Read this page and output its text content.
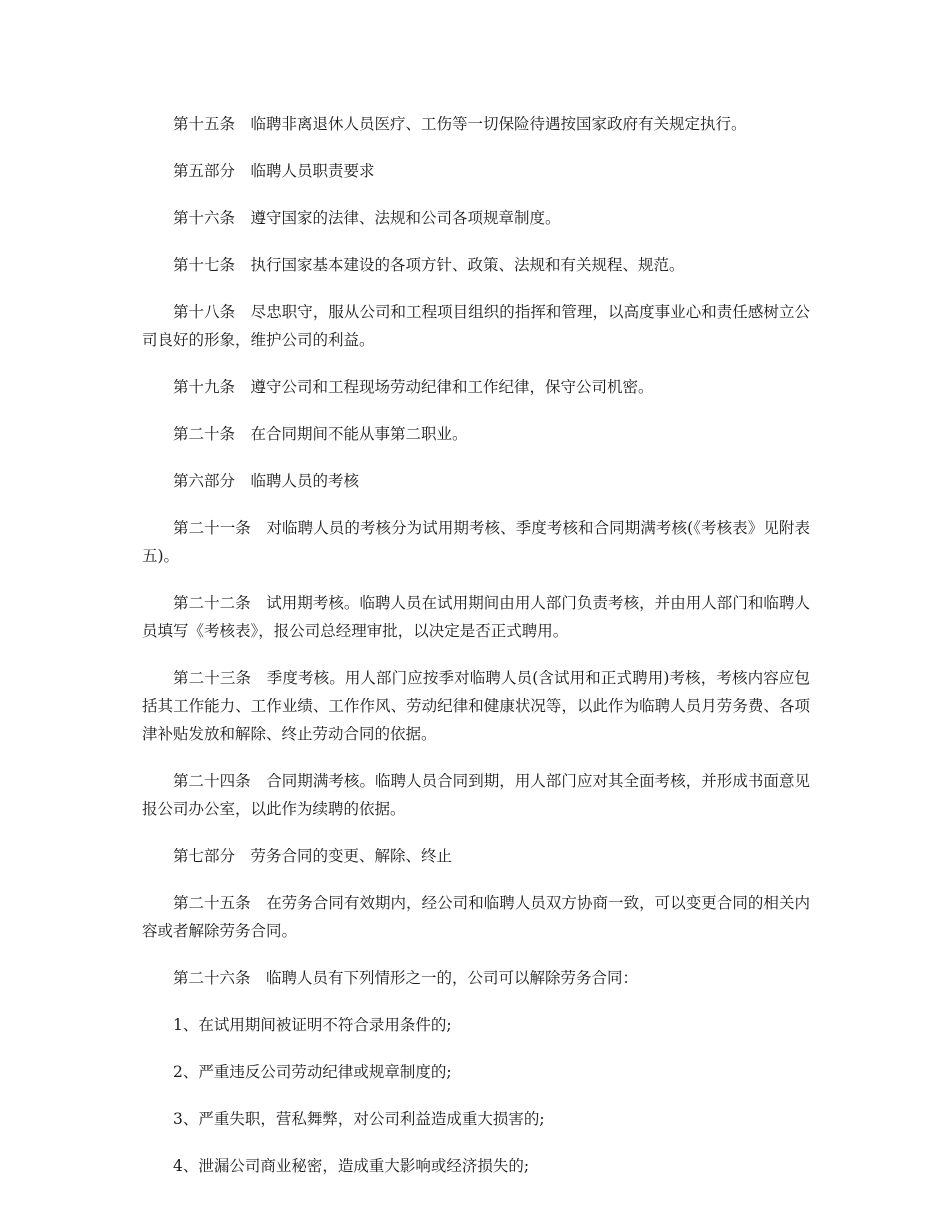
第十五条　临聘非离退休人员医疗、工伤等一切保险待遇按国家政府有关规定执行。

第五部分　临聘人员职责要求

第十六条　遵守国家的法律、法规和公司各项规章制度。

第十七条　执行国家基本建设的各项方针、政策、法规和有关规程、规范。

第十八条　尽忠职守，服从公司和工程项目组织的指挥和管理，以高度事业心和责任感树立公司良好的形象，维护公司的利益。

第十九条　遵守公司和工程现场劳动纪律和工作纪律，保守公司机密。

第二十条　在合同期间不能从事第二职业。

第六部分　临聘人员的考核

第二十一条　对临聘人员的考核分为试用期考核、季度考核和合同期满考核(《考核表》见附表五)。

第二十二条　试用期考核。临聘人员在试用期间由用人部门负责考核，并由用人部门和临聘人员填写《考核表》，报公司总经理审批，以决定是否正式聘用。

第二十三条　季度考核。用人部门应按季对临聘人员(含试用和正式聘用)考核，考核内容应包括其工作能力、工作业绩、工作作风、劳动纪律和健康状况等，以此作为临聘人员月劳务费、各项津补贴发放和解除、终止劳动合同的依据。

第二十四条　合同期满考核。临聘人员合同到期，用人部门应对其全面考核，并形成书面意见报公司办公室，以此作为续聘的依据。

第七部分　劳务合同的变更、解除、终止

第二十五条　在劳务合同有效期内，经公司和临聘人员双方协商一致，可以变更合同的相关内容或者解除劳务合同。

第二十六条　临聘人员有下列情形之一的，公司可以解除劳务合同：

1、在试用期间被证明不符合录用条件的;

2、严重违反公司劳动纪律或规章制度的;

3、严重失职，营私舞弊，对公司利益造成重大损害的;

4、泄漏公司商业秘密，造成重大影响或经济损失的;
